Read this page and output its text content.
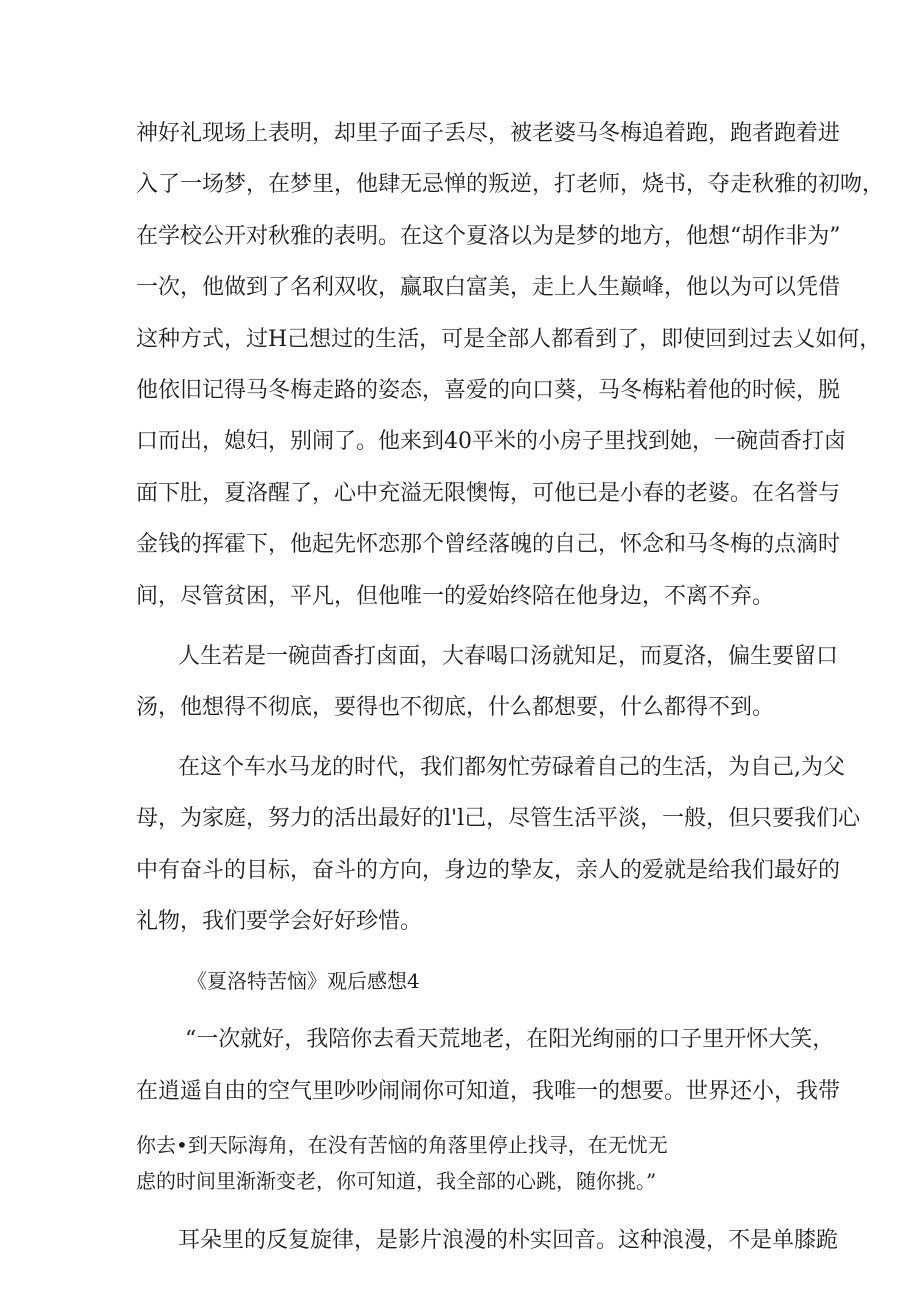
神好礼现场上表明，却里子面子丢尽，被老婆马冬梅追着跑，跑者跑着进
入了一场梦，在梦里，他肆无忌惮的叛逆，打老师，烧书，夺走秋雅的初吻，
在学校公开对秋雅的表明。在这个夏洛以为是梦的地方，他想“胡作非为”
一次，他做到了名利双收，赢取白富美，走上人生巅峰，他以为可以凭借
这种方式，过H己想过的生活，可是全部人都看到了，即使回到过去乂如何，
他依旧记得马冬梅走路的姿态，喜爱的向口葵，马冬梅粘着他的时候，脱
口而出，媳妇，别闹了。他来到40平米的小房子里找到她，一碗茴香打卤
面下肚，夏洛醒了，心中充溢无限懊悔，可他已是小春的老婆。在名誉与
金钱的挥霍下，他起先怀恋那个曾经落魄的自己，怀念和马冬梅的点滴时
间，尽管贫困，平凡，但他唯一的爱始终陪在他身边，不离不弃。
人生若是一碗茴香打卤面，大春喝口汤就知足，而夏洛，偏生要留口
汤，他想得不彻底，要得也不彻底，什么都想要，什么都得不到。
在这个车水马龙的时代，我们都匆忙劳碌着自己的生活，为自己,为父
母，为家庭，努力的活出最好的l'l己，尽管生活平淡，一般，但只要我们心
中有奋斗的目标，奋斗的方向，身边的挚友，亲人的爱就是给我们最好的
礼物，我们要学会好好珍惜。
《夏洛特苦恼》观后感想4
“一次就好，我陪你去看天荒地老，在阳光绚丽的口子里开怀大笑，
在逍遥自由的空气里吵吵闹闹你可知道，我唯一的想要。世界还小，我带
你去•到天际海角，在没有苦恼的角落里停止找寻，在无忧无
虑的时间里渐渐变老，你可知道，我全部的心跳，随你挑。”
耳朵里的反复旋律，是影片浪漫的朴实回音。这种浪漫，不是单膝跪
